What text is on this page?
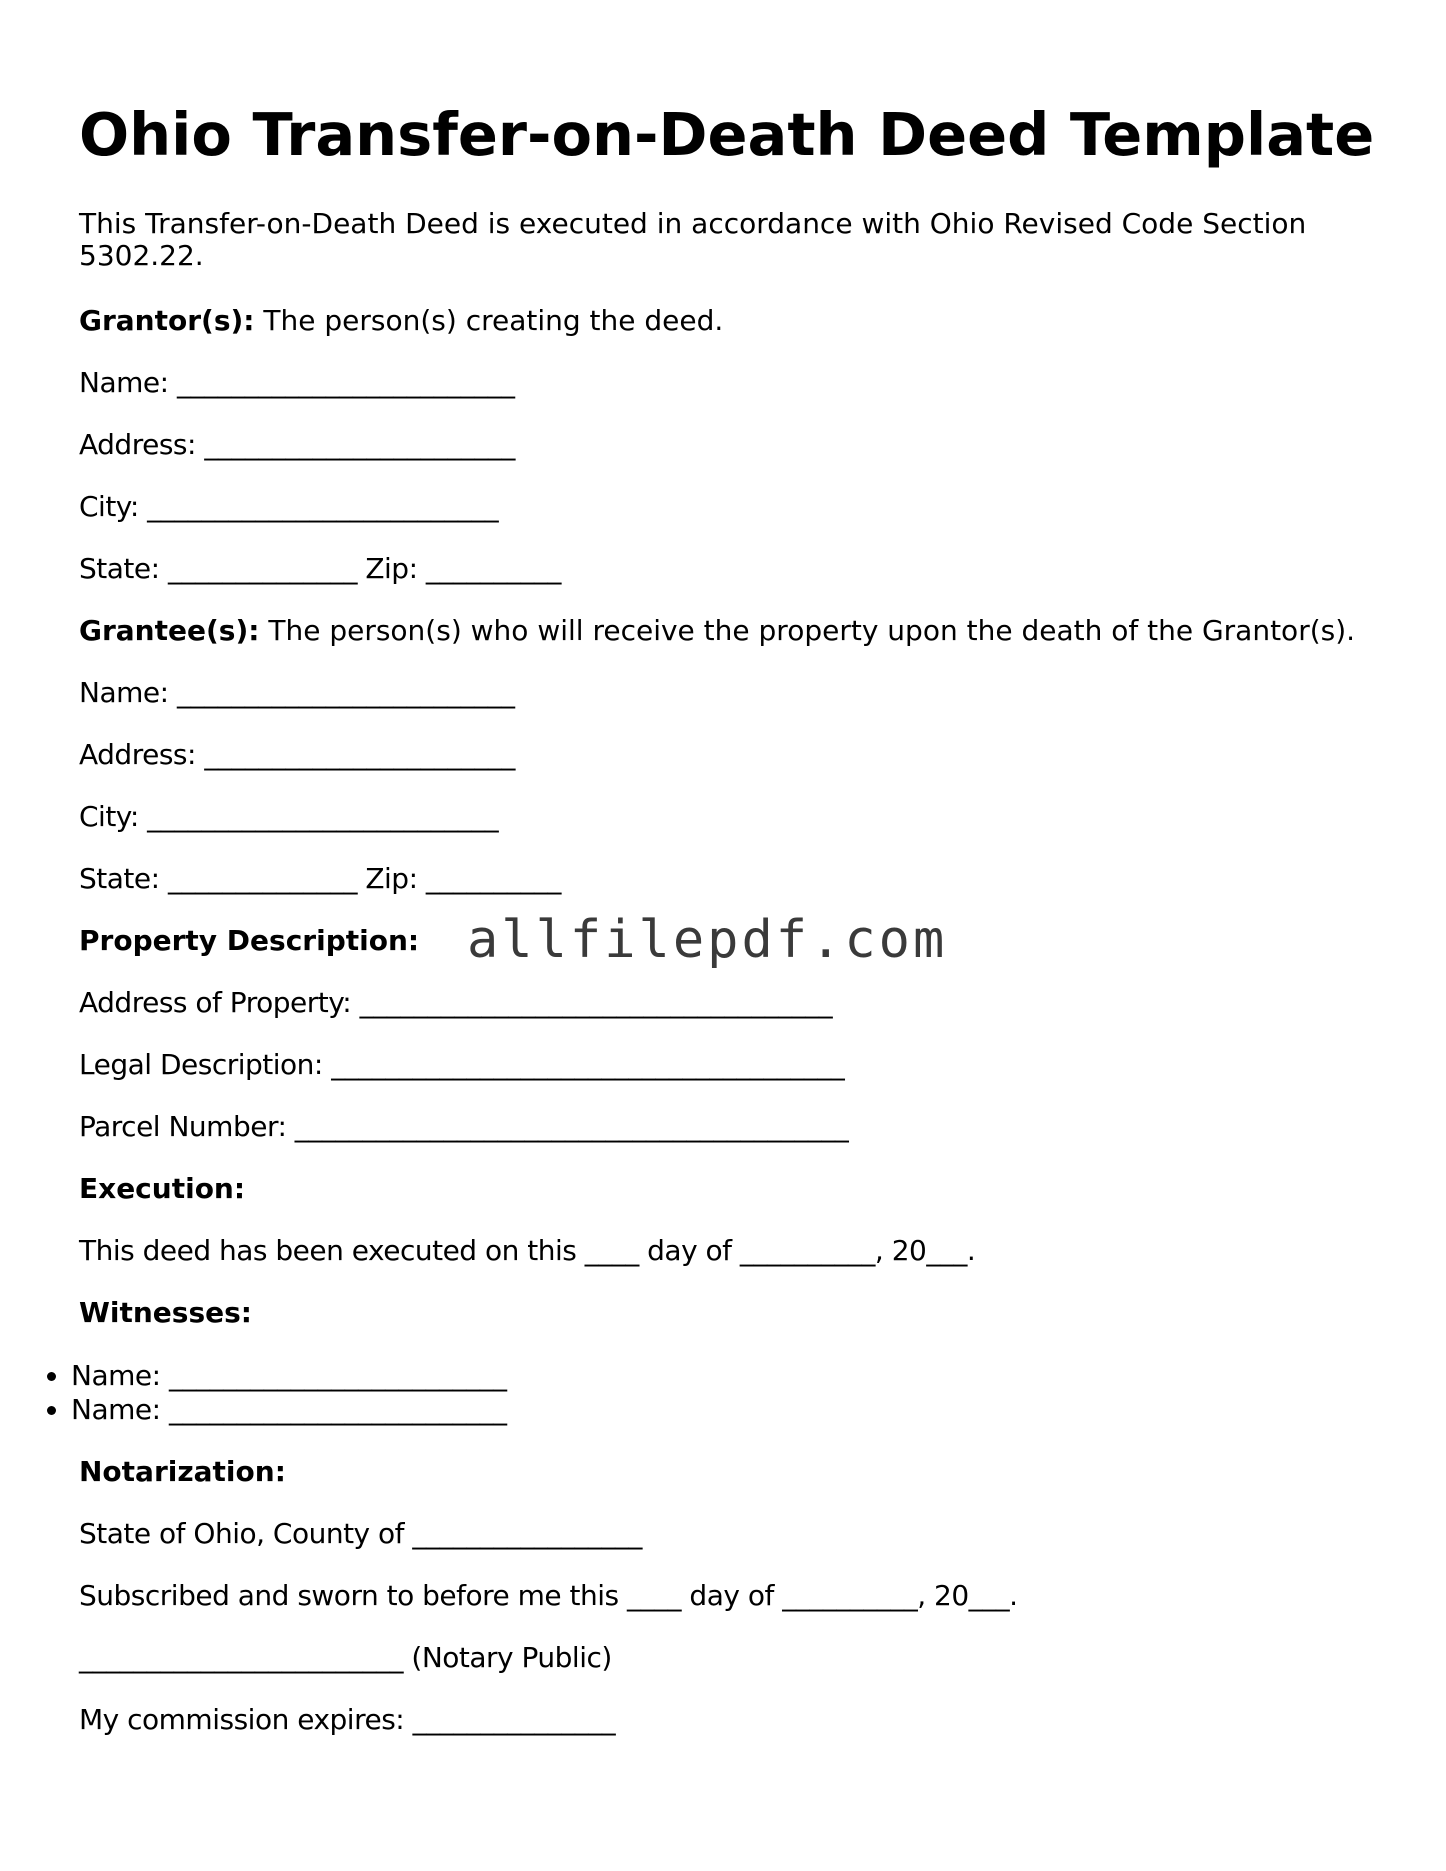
Ohio Transfer-on-Death Deed Template
This Transfer-on-Death Deed is executed in accordance with Ohio Revised Code Section 5302.22.
Grantor(s): The person(s) creating the deed.
Name: _________________________
Address: _______________________
City: __________________________
State: ______________ Zip: __________
Grantee(s): The person(s) who will receive the property upon the death of the Grantor(s).
Name: _________________________
Address: _______________________
City: __________________________
State: ______________ Zip: __________
Property Description:
Address of Property: ___________________________________
Legal Description: ______________________________________
Parcel Number: _________________________________________
Execution:
This deed has been executed on this ____ day of __________, 20___.
Witnesses:
Notarization:
State of Ohio, County of _________________
Subscribed and sworn to before me this ____ day of __________, 20___.
________________________ (Notary Public)
My commission expires: _______________
• Name: _________________________
• Name: _________________________
allfilepdf.com
